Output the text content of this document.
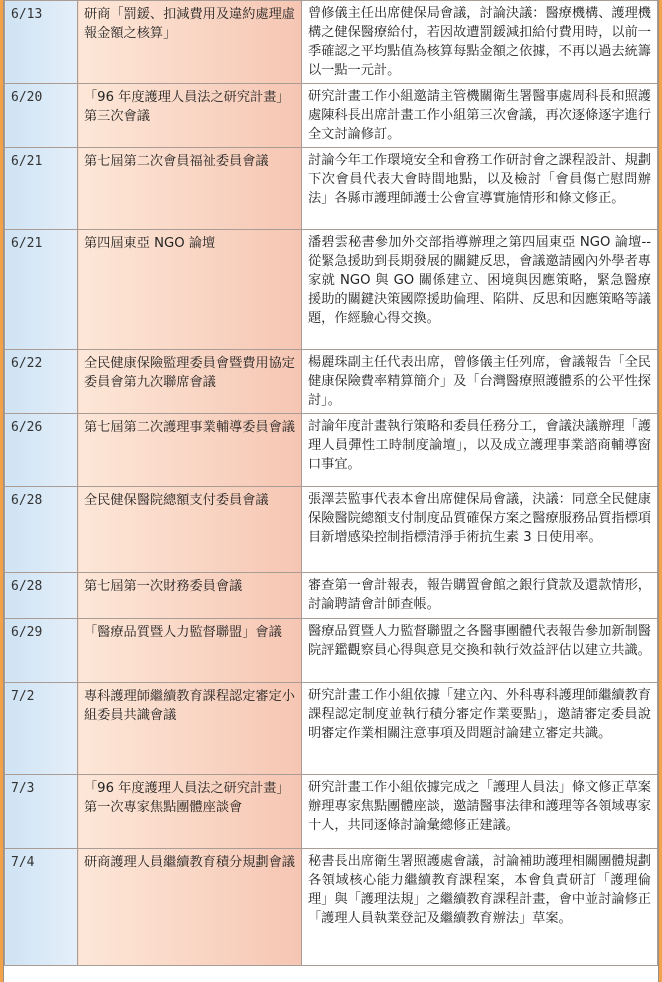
6/13	研商「罰鍰、扣減費用及違約處理虛報金額之核算」	曾修儀主任出席健保局會議，討論決議：醫療機構、護理機構之健保醫療給付，若因故遭罰鍰減扣給付費用時，以前一季確認之平均點值為核算每點金額之依據，不再以過去統籌以一點一元計。
6/20	「96 年度護理人員法之研究計畫」第三次會議	研究計畫工作小組邀請主管機關衛生署醫事處周科長和照護處陳科長出席計畫工作小組第三次會議，再次逐條逐字進行全文討論修訂。
6/21	第七屆第二次會員福祉委員會議	討論今年工作環境安全和會務工作研討會之課程設計、規劃下次會員代表大會時間地點，以及檢討「會員傷亡慰問辦法」各縣市護理師護士公會宣導實施情形和條文修正。
6/21	第四屆東亞 NGO 論壇	潘碧雲秘書參加外交部指導辦理之第四屆東亞 NGO 論壇--從緊急援助到長期發展的關鍵反思，會議邀請國內外學者專家就 NGO 與 GO 關係建立、困境與因應策略，緊急醫療援助的關鍵決策國際援助倫理、陷阱、反思和因應策略等議題，作經驗心得交換。
6/22	全民健康保險監理委員會暨費用協定委員會第九次聯席會議	楊麗珠副主任代表出席，曾修儀主任列席，會議報告「全民健康保險費率精算簡介」及「台灣醫療照護體系的公平性探討」。
6/26	第七屆第二次護理事業輔導委員會議	討論年度計畫執行策略和委員任務分工，會議決議辦理「護理人員彈性工時制度論壇」，以及成立護理事業諮商輔導窗口事宜。
6/28	全民健保醫院總額支付委員會議	張澤芸監事代表本會出席健保局會議，決議：同意全民健康保險醫院總額支付制度品質確保方案之醫療服務品質指標項目新增感染控制指標清淨手術抗生素 3 日使用率。
6/28	第七屆第一次財務委員會議	審查第一會計報表，報告購置會館之銀行貸款及還款情形，討論聘請會計師查帳。
6/29	「醫療品質暨人力監督聯盟」會議	醫療品質暨人力監督聯盟之各醫事團體代表報告參加新制醫院評鑑觀察員心得與意見交換和執行效益評估以建立共識。
7/2	專科護理師繼續教育課程認定審定小組委員共識會議	研究計畫工作小組依據「建立內、外科專科護理師繼續教育課程認定制度並執行積分審定作業要點」，邀請審定委員說明審定作業相關注意事項及問題討論建立審定共識。
7/3	「96 年度護理人員法之研究計畫」第一次專家焦點團體座談會	研究計畫工作小組依據完成之「護理人員法」條文修正草案辦理專家焦點團體座談，邀請醫事法律和護理等各領域專家十人，共同逐條討論彙總修正建議。
7/4	研商護理人員繼續教育積分規劃會議	秘書長出席衛生署照護處會議，討論補助護理相關團體規劃各領域核心能力繼續教育課程案，本會負責研訂「護理倫理」與「護理法規」之繼續教育課程計畫，會中並討論修正「護理人員執業登記及繼續教育辦法」草案。
